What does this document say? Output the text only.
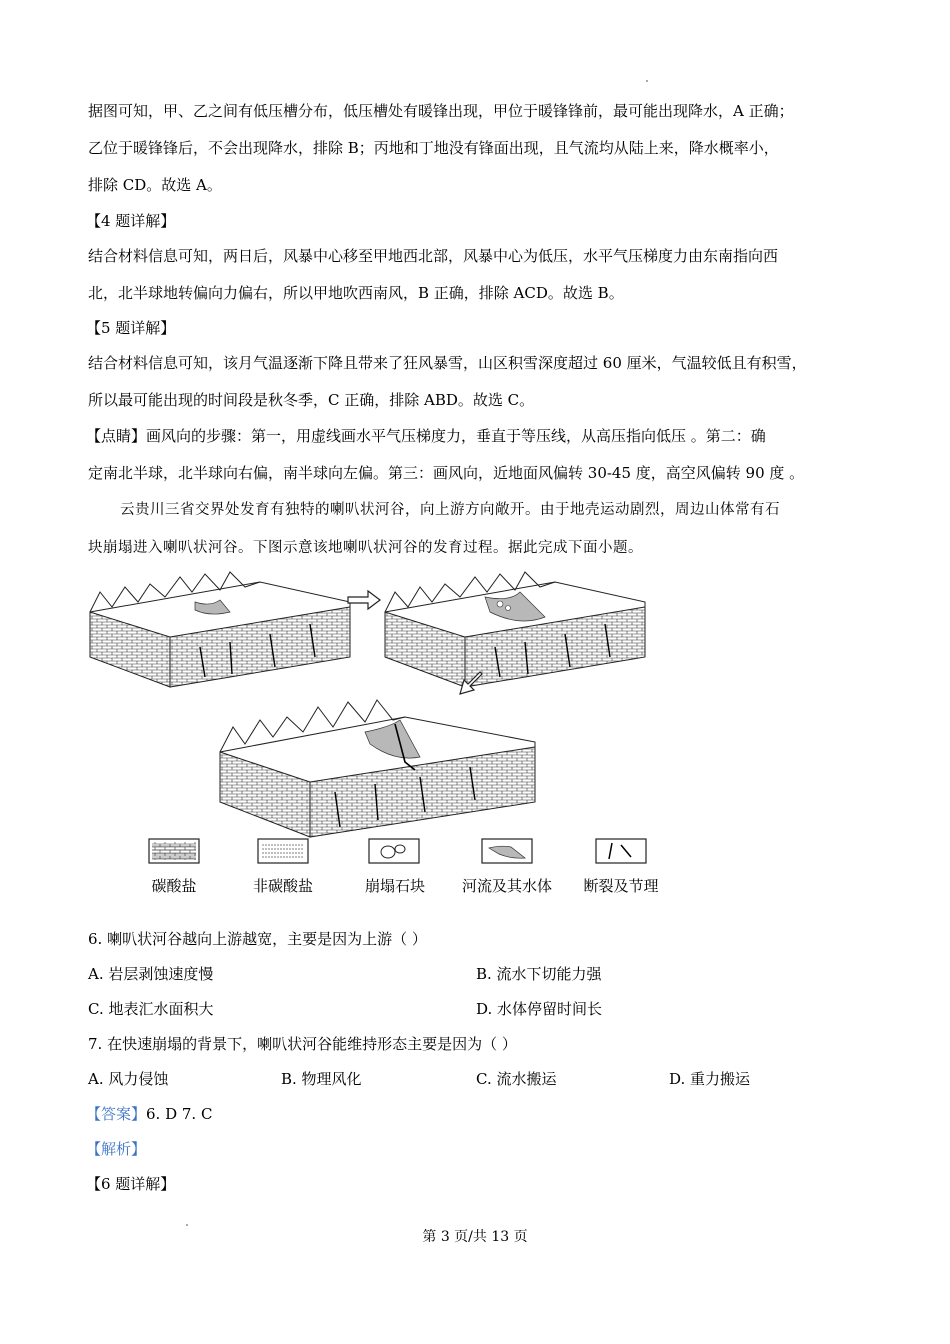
据图可知，甲、乙之间有低压槽分布，低压槽处有暖锋出现，甲位于暖锋锋前，最可能出现降水，A 正确；
乙位于暖锋锋后，不会出现降水，排除 B；丙地和丁地没有锋面出现，且气流均从陆上来，降水概率小，
排除 CD。故选 A。
【4 题详解】
结合材料信息可知，两日后，风暴中心移至甲地西北部，风暴中心为低压，水平气压梯度力由东南指向西
北，北半球地转偏向力偏右，所以甲地吹西南风，B 正确，排除 ACD。故选 B。
【5 题详解】
结合材料信息可知，该月气温逐渐下降且带来了狂风暴雪，山区积雪深度超过 60 厘米，气温较低且有积雪，
所以最可能出现的时间段是秋冬季，C 正确，排除 ABD。故选 C。
【点睛】画风向的步骤：第一，用虚线画水平气压梯度力，垂直于等压线，从高压指向低压 。第二：确
定南北半球，北半球向右偏，南半球向左偏。第三：画风向，近地面风偏转 30-45 度，高空风偏转 90 度 。
云贵川三省交界处发育有独特的喇叭状河谷，向上游方向敞开。由于地壳运动剧烈，周边山体常有石
块崩塌进入喇叭状河谷。下图示意该地喇叭状河谷的发育过程。据此完成下面小题。
碳酸盐	非碳酸盐	崩塌石块	河流及其水体	断裂及节理
6. 喇叭状河谷越向上游越宽，主要是因为上游（ ）
A. 岩层剥蚀速度慢	B. 流水下切能力强
C. 地表汇水面积大	D. 水体停留时间长
7. 在快速崩塌的背景下，喇叭状河谷能维持形态主要是因为（ ）
A. 风力侵蚀	B. 物理风化	C. 流水搬运	D. 重力搬运
【答案】6. D 7. C
【解析】
【6 题详解】
第 3 页/共 13 页
